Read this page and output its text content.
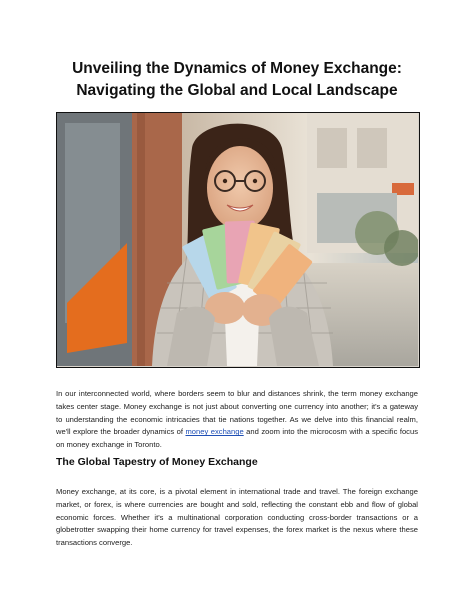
Unveiling the Dynamics of Money Exchange: Navigating the Global and Local Landscape

In our interconnected world, where borders seem to blur and distances shrink, the term money exchange takes center stage. Money exchange is not just about converting one currency into another; it's a gateway to understanding the economic intricacies that tie nations together. As we delve into this financial realm, we'll explore the broader dynamics of money exchange and zoom into the microcosm with a specific focus on money exchange in Toronto.

The Global Tapestry of Money Exchange

Money exchange, at its core, is a pivotal element in international trade and travel. The foreign exchange market, or forex, is where currencies are bought and sold, reflecting the constant ebb and flow of global economic forces. Whether it's a multinational corporation conducting cross-border transactions or a globetrotter swapping their home currency for travel expenses, the forex market is the nexus where these transactions converge.
